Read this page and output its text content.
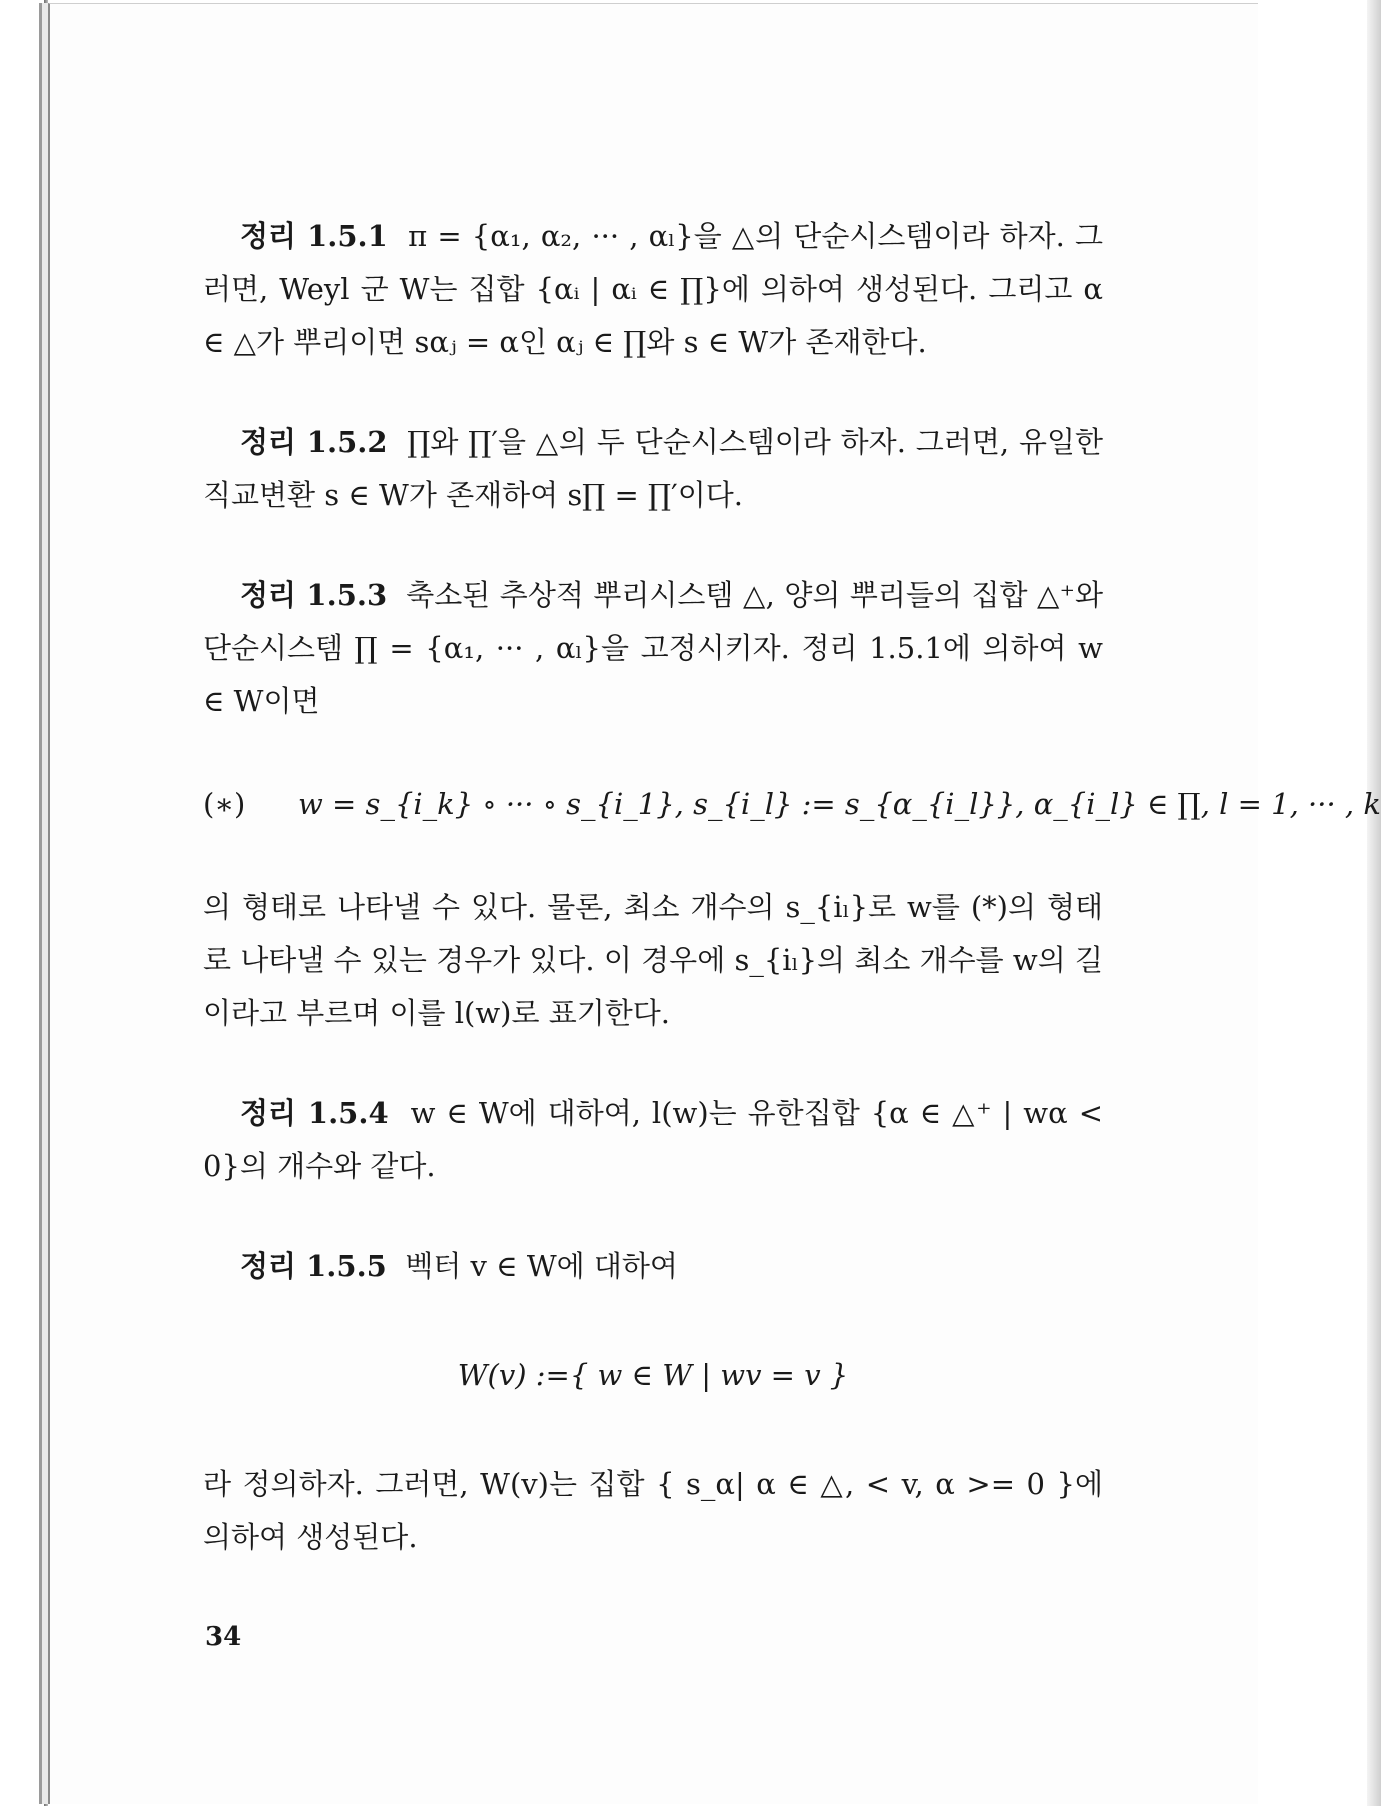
정리 1.5.1 π = {α₁, α₂, ··· , αₗ}을 △의 단순시스템이라 하자. 그러면, Weyl 군 W는 집합 {αᵢ | αᵢ ∈ ∏}에 의하여 생성된다. 그리고 α ∈ △가 뿌리이면 sαⱼ = α인 αⱼ ∈ ∏와 s ∈ W가 존재한다.

정리 1.5.2 ∏와 ∏′을 △의 두 단순시스템이라 하자. 그러면, 유일한 직교변환 s ∈ W가 존재하여 s∏ = ∏′이다.

정리 1.5.3 축소된 추상적 뿌리시스템 △, 양의 뿌리들의 집합 △⁺와 단순시스템 ∏ = {α₁, ··· , αₗ}을 고정시키자. 정리 1.5.1에 의하여 w ∈ W이면

(∗) w = s_{i_k} ∘ ··· ∘ s_{i_1}, s_{i_l} := s_{α_{i_l}}, α_{i_l} ∈ ∏, l = 1, ··· , k

의 형태로 나타낼 수 있다. 물론, 최소 개수의 s_{iₗ}로 w를 (*)의 형태로 나타낼 수 있는 경우가 있다. 이 경우에 s_{iₗ}의 최소 개수를 w의 길이라고 부르며 이를 l(w)로 표기한다.

정리 1.5.4 w ∈ W에 대하여, l(w)는 유한집합 {α ∈ △⁺ | wα < 0}의 개수와 같다.

정리 1.5.5 벡터 v ∈ W에 대하여

W(v) :={ w ∈ W | wv = v }

라 정의하자. 그러면, W(v)는 집합 { s_α| α ∈ △, < v, α >= 0 }에 의하여 생성된다.

34
